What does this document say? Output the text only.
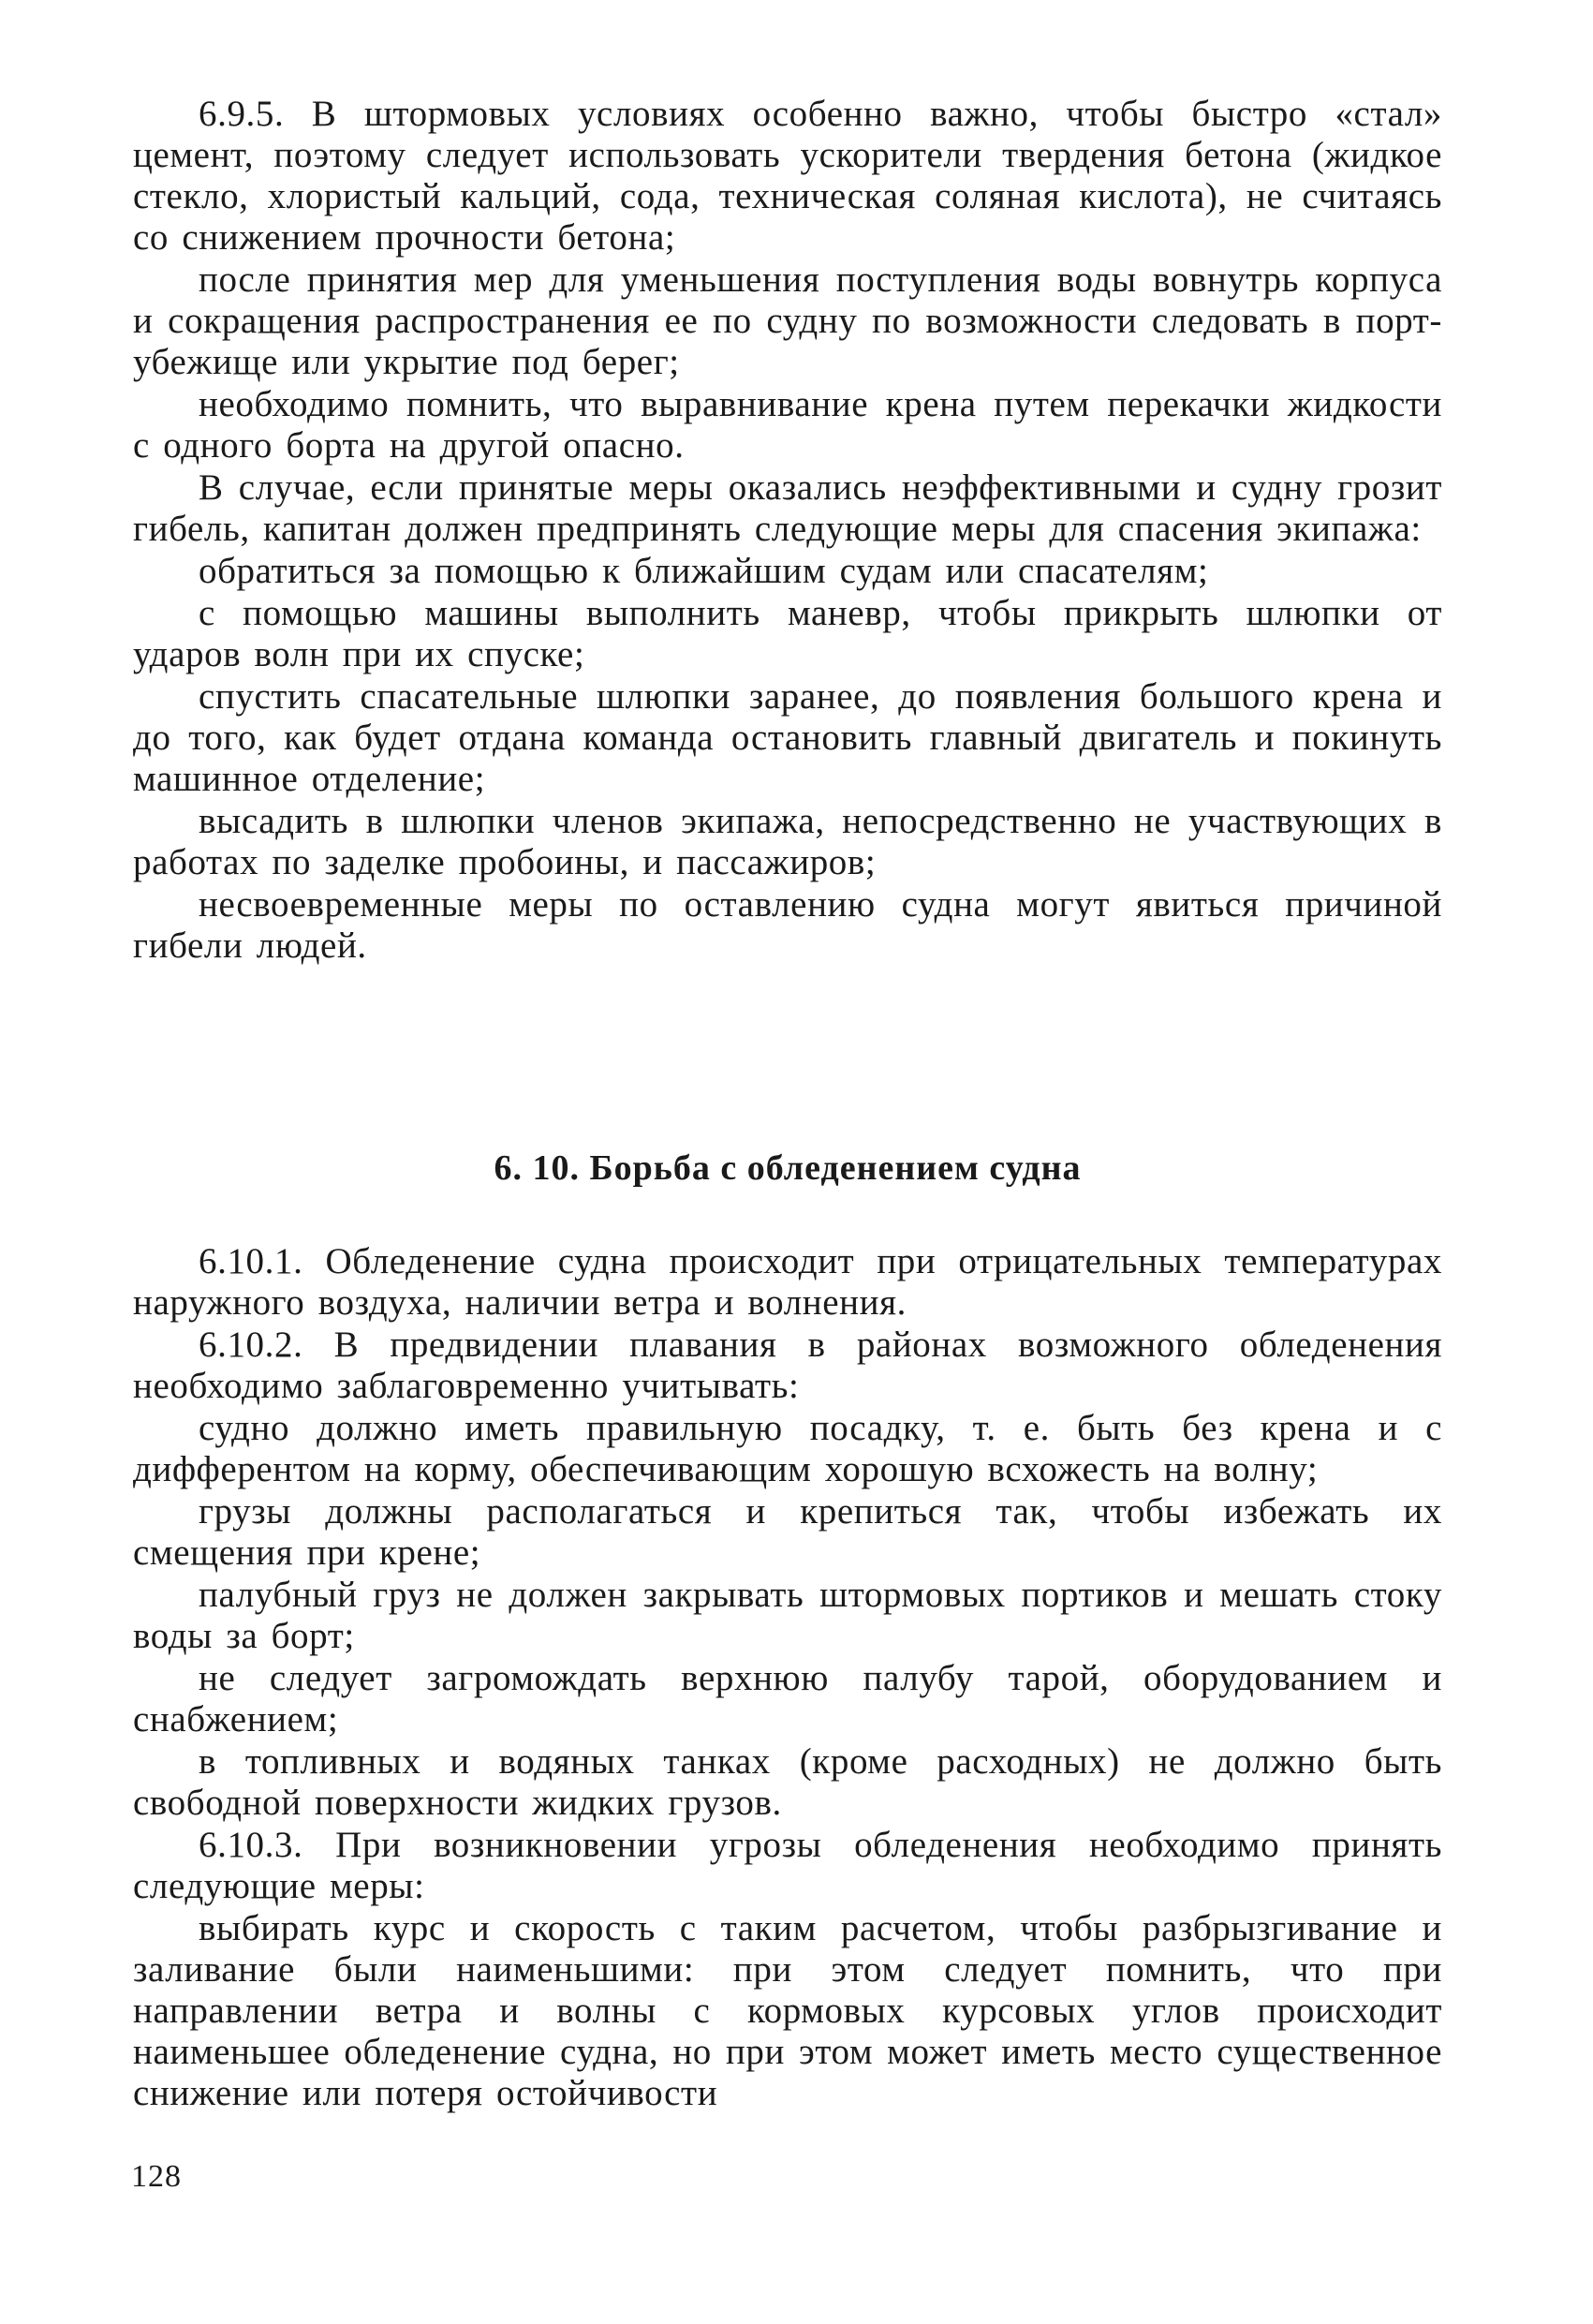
6.9.5. В штормовых условиях особенно важно, чтобы быстро «стал» цемент, поэтому следует использовать ускорители твердения бетона (жидкое стекло, хлористый кальций, сода, техническая соляная кислота), не считаясь со снижением прочности бетона;

после принятия мер для уменьшения поступления воды вовнутрь корпуса и сокращения распространения ее по судну по возможности следовать в порт-убежище или укрытие под берег;

необходимо помнить, что выравнивание крена путем перекачки жидкости с одного борта на другой опасно.

В случае, если принятые меры оказались неэффективными и судну грозит гибель, капитан должен предпринять следующие меры для спасения экипажа:

обратиться за помощью к ближайшим судам или спасателям;

с помощью машины выполнить маневр, чтобы прикрыть шлюпки от ударов волн при их спуске;

спустить спасательные шлюпки заранее, до появления большого крена и до того, как будет отдана команда остановить главный двигатель и покинуть машинное отделение;

высадить в шлюпки членов экипажа, непосредственно не участвующих в работах по заделке пробоины, и пассажиров;

несвоевременные меры по оставлению судна могут явиться причиной гибели людей.

6. 10. Борьба с обледенением судна

6.10.1. Обледенение судна происходит при отрицательных температурах наружного воздуха, наличии ветра и волнения.

6.10.2. В предвидении плавания в районах возможного обледенения необходимо заблаговременно учитывать:

судно должно иметь правильную посадку, т. е. быть без крена и с дифферентом на корму, обеспечивающим хорошую всхожесть на волну;

грузы должны располагаться и крепиться так, чтобы избежать их смещения при крене;

палубный груз не должен закрывать штормовых портиков и мешать стоку воды за борт;

не следует загромождать верхнюю палубу тарой, оборудованием и снабжением;

в топливных и водяных танках (кроме расходных) не должно быть свободной поверхности жидких грузов.

6.10.3. При возникновении угрозы обледенения необходимо принять следующие меры:

выбирать курс и скорость с таким расчетом, чтобы разбрызгивание и заливание были наименьшими: при этом следует помнить, что при направлении ветра и волны с кормовых курсовых углов происходит наименьшее обледенение судна, но при этом может иметь место существенное снижение или потеря остойчивости

128
